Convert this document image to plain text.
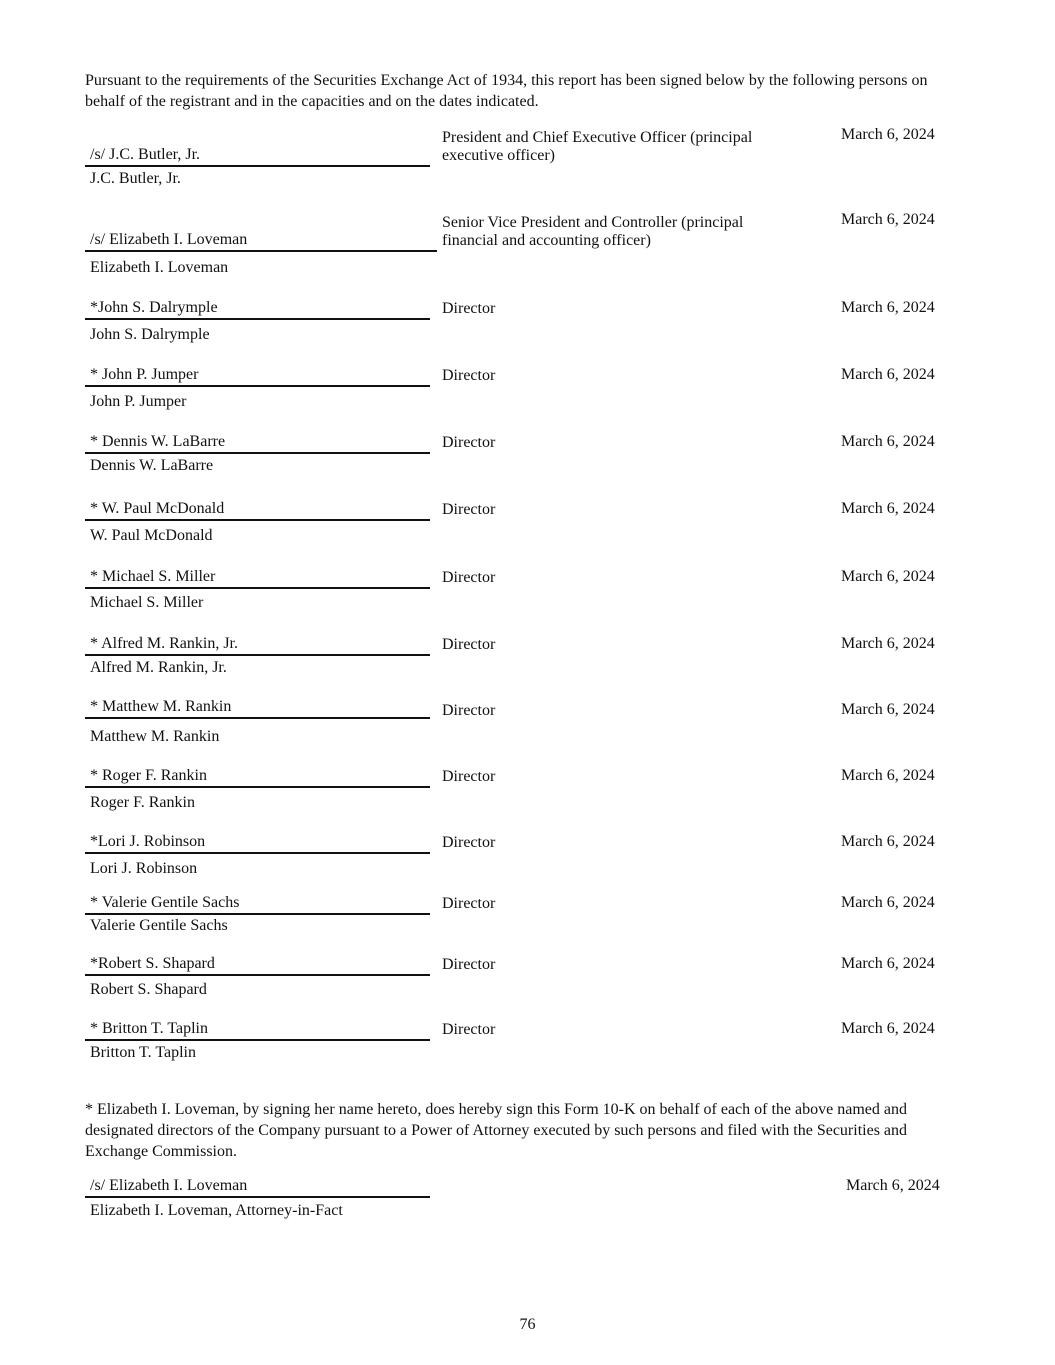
Pursuant to the requirements of the Securities Exchange Act of 1934, this report has been signed below by the following persons on behalf of the registrant and in the capacities and on the dates indicated.

/s/ J.C. Butler, Jr.
J.C. Butler, Jr.
President and Chief Executive Officer (principal executive officer)
March 6, 2024
/s/ Elizabeth I. Loveman
Elizabeth I. Loveman
Senior Vice President and Controller (principal financial and accounting officer)
March 6, 2024
*John S. Dalrymple
John S. Dalrymple
Director	March 6, 2024
* John P. Jumper
John P. Jumper
Director	March 6, 2024
* Dennis W. LaBarre
Dennis W. LaBarre
Director	March 6, 2024
* W. Paul McDonald
W. Paul McDonald
Director	March 6, 2024
* Michael S. Miller
Michael S. Miller
Director	March 6, 2024
* Alfred M. Rankin, Jr.
Alfred M. Rankin, Jr.
Director	March 6, 2024
* Matthew M. Rankin
Matthew M. Rankin
Director	March 6, 2024
* Roger F. Rankin
Roger F. Rankin
Director	March 6, 2024
*Lori J. Robinson
Lori J. Robinson
Director	March 6, 2024
* Valerie Gentile Sachs
Valerie Gentile Sachs
Director	March 6, 2024
*Robert S. Shapard
Robert S. Shapard
Director	March 6, 2024
* Britton T. Taplin
Britton T. Taplin
Director	March 6, 2024

* Elizabeth I. Loveman, by signing her name hereto, does hereby sign this Form 10-K on behalf of each of the above named and designated directors of the Company pursuant to a Power of Attorney executed by such persons and filed with the Securities and Exchange Commission.

/s/ Elizabeth I. Loveman
Elizabeth I. Loveman, Attorney-in-Fact
March 6, 2024
76
